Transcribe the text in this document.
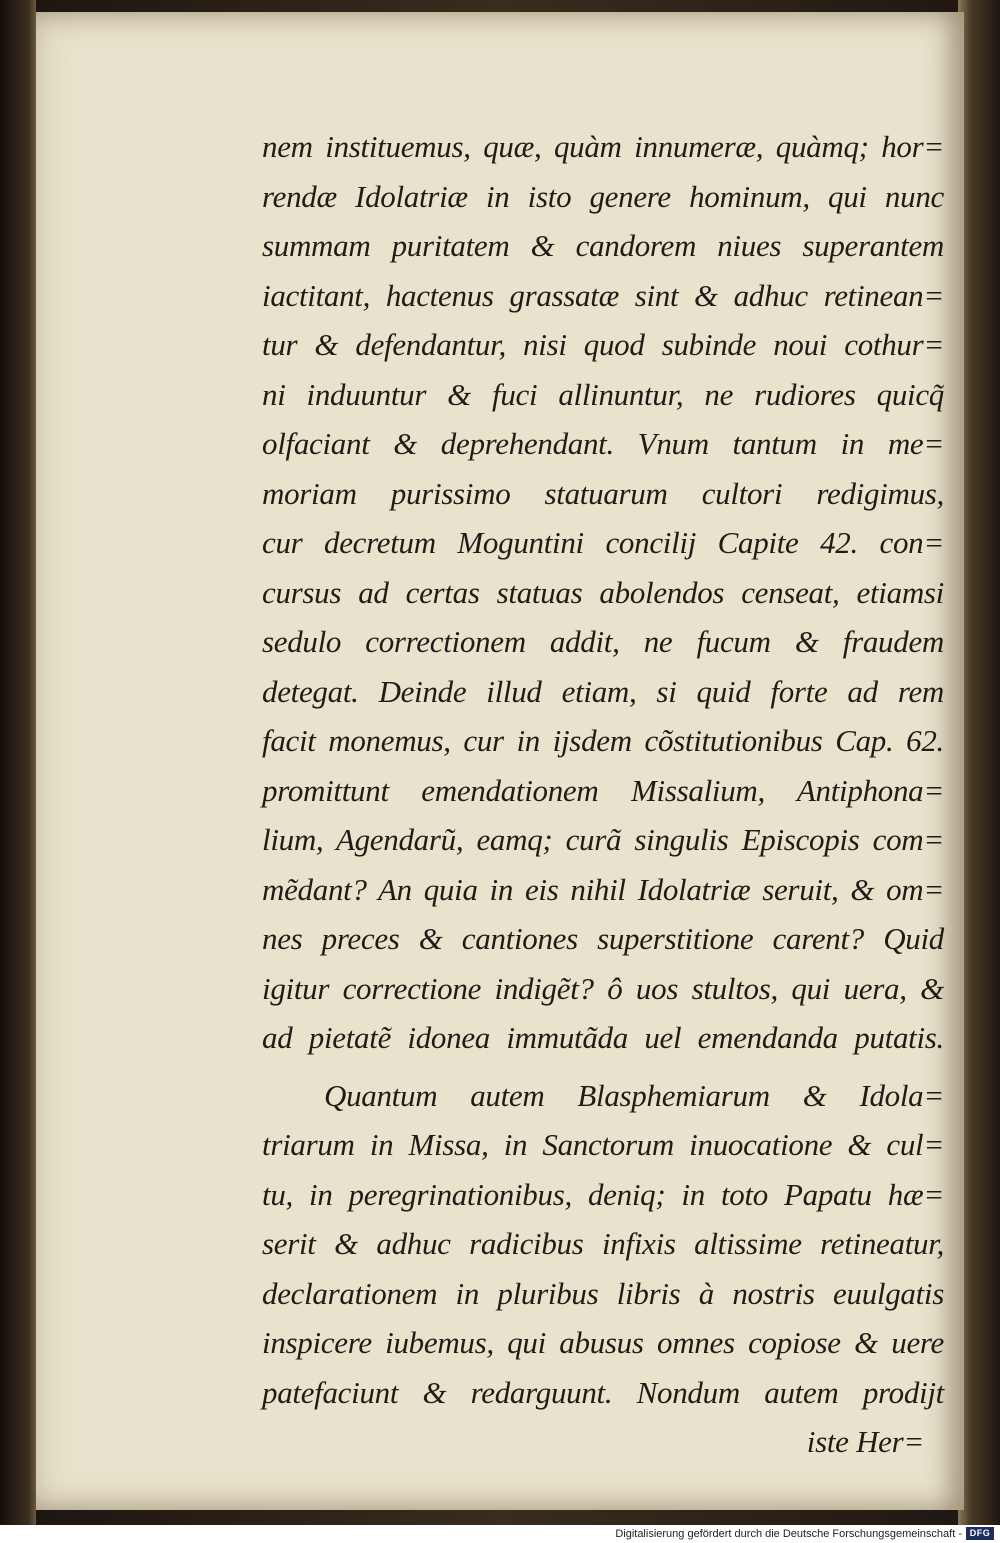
nem instituemus, quæ, quàm innumeræ, quàmq; hor=
rendæ Idolatriæ in isto genere hominum, qui nunc
summam puritatem & candorem niues superantem
iactitant, hactenus grassatæ sint & adhuc retinean=
tur & defendantur, nisi quod subinde noui cothur=
ni induuntur & fuci allinuntur, ne rudiores quicq̃
olfaciant & deprehendant. Vnum tantum in me=
moriam purissimo statuarum cultori redigimus,
cur decretum Moguntini concilij Capite 42. con=
cursus ad certas statuas abolendos censeat, etiamsi
sedulo correctionem addit, ne fucum & fraudem
detegat. Deinde illud etiam, si quid forte ad rem
facit monemus, cur in ijsdem cõstitutionibus Cap. 62.
promittunt emendationem Missalium, Antiphona=
lium, Agendarũ, eamq; curã singulis Episcopis com=
mẽdant? An quia in eis nihil Idolatriæ seruit, & om=
nes preces & cantiones superstitione carent? Quid
igitur correctione indigẽt? ô uos stultos, qui uera, &
ad pietatẽ idonea immutãda uel emendanda putatis.
Quantum autem Blasphemiarum & Idola=
triarum in Missa, in Sanctorum inuocatione & cul=
tu, in peregrinationibus, deniq; in toto Papatu hæ=
serit & adhuc radicibus infixis altissime retineatur,
declarationem in pluribus libris à nostris euulgatis
inspicere iubemus, qui abusus omnes copiose & uere
patefaciunt & redarguunt. Nondum autem prodijt
iste Her=
Digitalisierung gefördert durch die Deutsche Forschungsgemeinschaft - DFG
